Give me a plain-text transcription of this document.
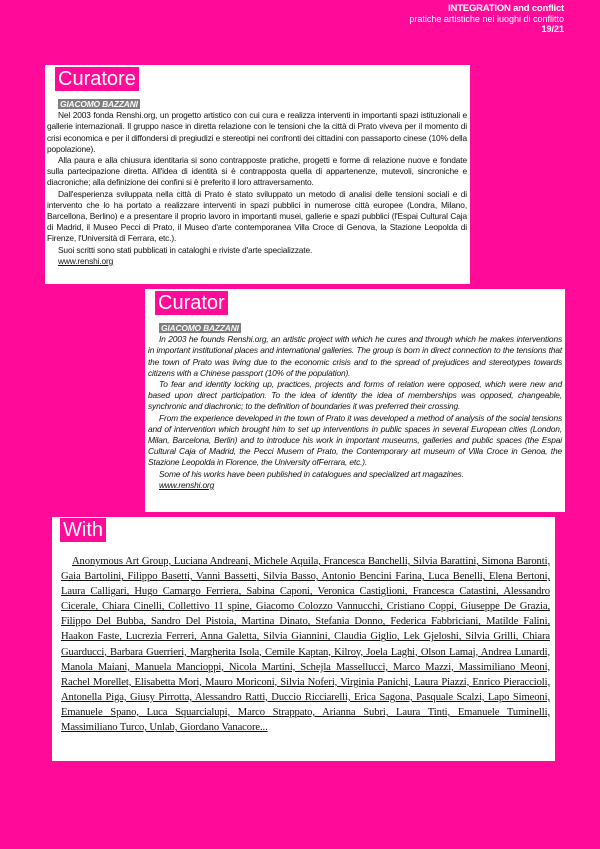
INTEGRATION and conflict
pratiche artistiche nei luoghi di conflitto
19/21
Curatore
GIACOMO BAZZANI

Nel 2003 fonda Renshi.org, un progetto artistico con cui cura e realizza interventi in importanti spazi istituzionali e gallerie internazionali. Il gruppo nasce in diretta relazione con le tensioni che la città di Prato viveva per il momento di crisi economica e per il diffondersi di pregiudizi e stereotipi nei confronti dei cittadini con passaporto cinese (10% della popolazione).

Alla paura e alla chiusura identitaria si sono contrapposte pratiche, progetti e forme di relazione nuove e fondate sulla partecipazione diretta. All'idea di identità si è contrapposta quella di appartenenze, mutevoli, sincroniche e diacroniche; alla definizione dei confini si è preferito il loro attraversamento.

Dall'esperienza sviluppata nella città di Prato è stato sviluppato un metodo di analisi delle tensioni sociali e di intervento che lo ha portato a realizzare interventi in spazi pubblici in numerose città europee (Londra, Milano, Barcellona, Berlino) e a presentare il proprio lavoro in importanti musei, gallerie e spazi pubblici (l'Espai Cultural Caja di Madrid, il Museo Pecci di Prato, il Museo d'arte contemporanea Villa Croce di Genova, la Stazione Leopolda di Firenze, l'Università di Ferrara, etc.).

Suoi scritti sono stati pubblicati in cataloghi e riviste d'arte specializzate.

www.renshi.org
Curator
GIACOMO BAZZANI

In 2003 he founds Renshi.org, an artistic project with which he cures and through which he makes interventions in important institutional places and international galleries. The group is born in direct connection to the tensions that the town of Prato was living due to the economic crisis and to the spread of prejudices and stereotypes towards citizens with a Chinese passport (10% of the population).

To fear and identity locking up, practices, projects and forms of relation were opposed, which were new and based upon direct participation. To the idea of identity the idea of memberships was opposed, changeable, synchronic and diachronic; to the definition of boundaries it was preferred their crossing.

From the experience developed in the town of Prato it was developed a method of analysis of the social tensions and of intervention which brought him to set up interventions in public spaces in several European cities (London, Milan, Barcelona, Berlin) and to introduce his work in important museums, galleries and public spaces (the Espai Cultural Caja of Madrid, the Pecci Musem of Prato, the Contemporary art museum of Villa Croce in Genoa, the Stazione Leopolda in Florence, the University ofFerrara, etc.).

Some of his works have been published in catalogues and specialized art magazines.

www.renshi.org
With
Anonymous Art Group, Luciana Andreani, Michele Aquila, Francesca Banchelli, Silvia Barattini, Simona Baronti, Gaia Bartolini, Filippo Basetti, Vanni Bassetti, Silvia Basso, Antonio Bencini Farina, Luca Benelli, Elena Bertoni, Laura Calligari, Hugo Camargo Ferriera, Sabina Caponi, Veronica Castiglioni, Francesca Catastini, Alessandro Cicerale, Chiara Cinelli, Collettivo 11 spine, Giacomo Colozzo Vannucchi, Cristiano Coppi, Giuseppe De Grazia, Filippo Del Bubba, Sandro Del Pistoia, Martina Dinato, Stefania Donno, Federica Fabbriciani, Matilde Falini, Haakon Faste, Lucrezia Ferreri, Anna Galetta, Silvia Giannini, Claudia Giglio, Lek Gjeloshi, Silvia Grilli, Chiara Guarducci, Barbara Guerrieri, Margherita Isola, Cemile Kaptan, Kilroy, Joela Laghi, Olson Lamaj, Andrea Lunardi, Manola Maiani, Manuela Mancioppi, Nicola Martini, Schejla Massellucci, Marco Mazzi, Massimiliano Meoni, Rachel Morellet, Elisabetta Mori, Mauro Moriconi, Silvia Noferi, Virginia Panichi, Laura Piazzi, Enrico Pieraccioli, Antonella Piga, Giusy Pirrotta, Alessandro Ratti, Duccio Ricciarelli, Erica Sagona, Pasquale Scalzi, Lapo Simeoni, Emanuele Spano, Luca Squarcialupi, Marco Strappato, Arianna Subri, Laura Tinti, Emanuele Tuminelli, Massimiliano Turco, Unlab, Giordano Vanacore...
